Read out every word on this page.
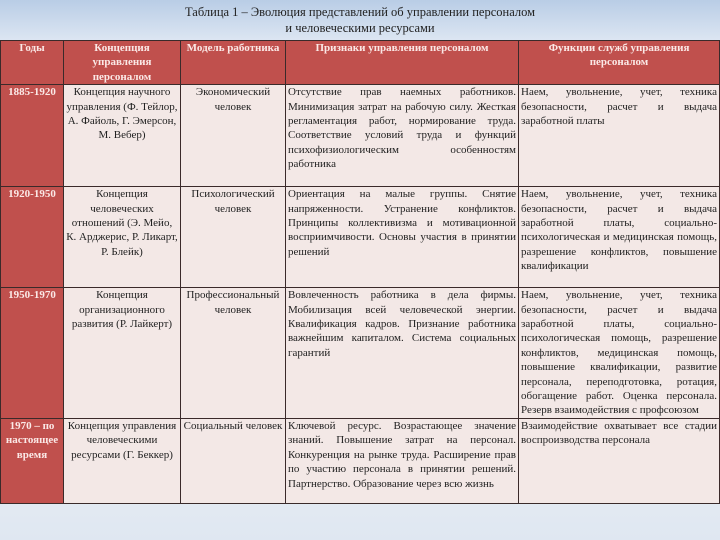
Таблица 1 – Эволюция представлений об управлении персоналом
и человеческими ресурсами
Годы	Концепция управления персоналом	Модель работника	Признаки управления персоналом	Функции служб управления персоналом
1885-1920	Концепция научного управления (Ф. Тейлор, А. Файоль, Г. Эмерсон, М. Вебер)	Экономический человек	Отсутствие прав наемных работников. Минимизация затрат на рабочую силу. Жесткая регламентация работ, нормирование труда. Соответствие условий труда и функций психофизиологическим особенностям работника	Наем, увольнение, учет, техника безопасности, расчет и выдача заработной платы
1920-1950	Концепция человеческих отношений (Э. Мейо, К. Арджерис, Р. Ликарт, Р. Блейк)	Психологический человек	Ориентация на малые группы. Снятие напряженности. Устранение конфликтов. Принципы коллективизма и мотивационной восприимчивости. Основы участия в принятии решений	Наем, увольнение, учет, техника безопасности, расчет и выдача заработной платы, социально-психологическая и медицинская помощь, разрешение конфликтов, повышение квалификации
1950-1970	Концепция организационного развития (Р. Лайкерт)	Профессиональный человек	Вовлеченность работника в дела фирмы. Мобилизация всей человеческой энергии. Квалификация кадров. Признание работника важнейшим капиталом. Система социальных гарантий	Наем, увольнение, учет, техника безопасности, расчет и выдача заработной платы, социально-психологическая помощь, разрешение конфликтов, медицинская помощь, повышение квалификации, развитие персонала, переподготовка, ротация, обогащение работ. Оценка персонала. Резерв взаимодействия с профсоюзом
1970 – по настоящее время	Концепция управления человеческими ресурсами (Г. Беккер)	Социальный человек	Ключевой ресурс. Возрастающее значение знаний. Повышение затрат на персонал. Конкуренция на рынке труда. Расширение прав по участию персонала в принятии решений. Партнерство. Образование через всю жизнь	Взаимодействие охватывает все стадии воспроизводства персонала
